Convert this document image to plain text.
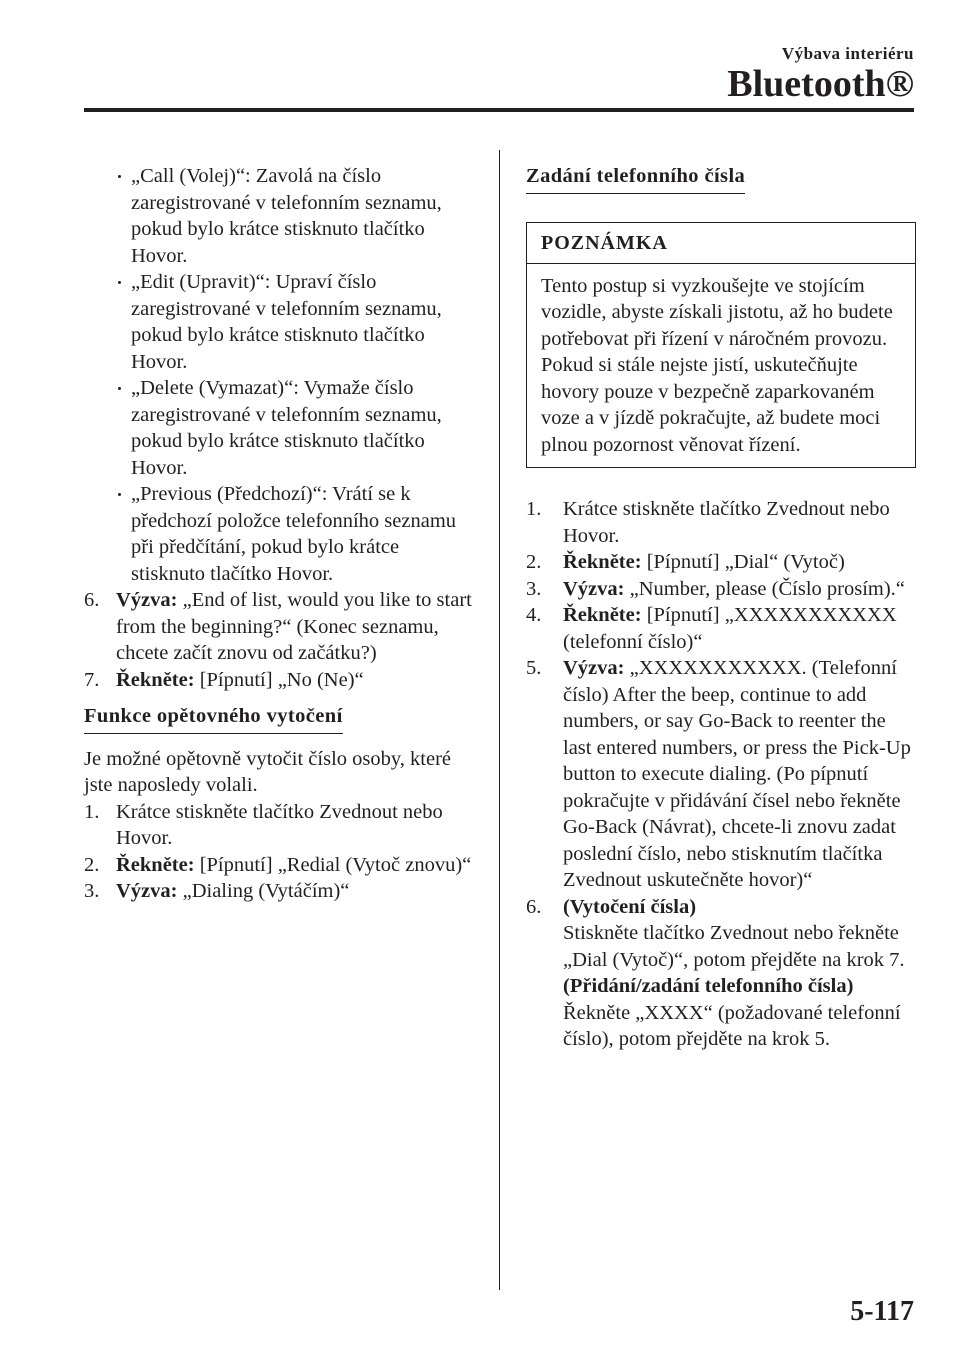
Výbava interiéru
Bluetooth®
„Call (Volej)“: Zavolá na číslo zaregistrované v telefonním seznamu, pokud bylo krátce stisknuto tlačítko Hovor.
„Edit (Upravit)“: Upraví číslo zaregistrované v telefonním seznamu, pokud bylo krátce stisknuto tlačítko Hovor.
„Delete (Vymazat)“: Vymaže číslo zaregistrované v telefonním seznamu, pokud bylo krátce stisknuto tlačítko Hovor.
„Previous (Předchozí)“: Vrátí se k předchozí položce telefonního seznamu při předčítání, pokud bylo krátce stisknuto tlačítko Hovor.
6. Výzva: „End of list, would you like to start from the beginning?“ (Konec seznamu, chcete začít znovu od začátku?)
7. Řekněte: [Pípnutí] „No (Ne)“
Funkce opětovného vytočení

Je možné opětovně vytočit číslo osoby, které jste naposledy volali.

1. Krátce stiskněte tlačítko Zvednout nebo Hovor.
2. Řekněte: [Pípnutí] „Redial (Vytoč znovu)“
3. Výzva: „Dialing (Vytáčím)“
Zadání telefonního čísla
POZNÁMKA
Tento postup si vyzkoušejte ve stojícím vozidle, abyste získali jistotu, až ho budete potřebovat při řízení v náročném provozu. Pokud si stále nejste jistí, uskutečňujte hovory pouze v bezpečně zaparkovaném voze a v jízdě pokračujte, až budete moci plnou pozornost věnovat řízení.
1. Krátce stiskněte tlačítko Zvednout nebo Hovor.
2. Řekněte: [Pípnutí] „Dial“ (Vytoč)
3. Výzva: „Number, please (Číslo prosím).“
4. Řekněte: [Pípnutí] „XXXXXXXXXXX (telefonní číslo)“
5. Výzva: „XXXXXXXXXXX. (Telefonní číslo) After the beep, continue to add numbers, or say Go-Back to reenter the last entered numbers, or press the Pick-Up button to execute dialing. (Po pípnutí pokračujte v přidávání čísel nebo řekněte Go-Back (Návrat), chcete-li znovu zadat poslední číslo, nebo stisknutím tlačítka Zvednout uskutečněte hovor)“
6. (Vytočení čísla)
Stiskněte tlačítko Zvednout nebo řekněte „Dial (Vytoč)“, potom přejděte na krok 7.
(Přidání/zadání telefonního čísla)
Řekněte „XXXX“ (požadované telefonní číslo), potom přejděte na krok 5.
5-117
